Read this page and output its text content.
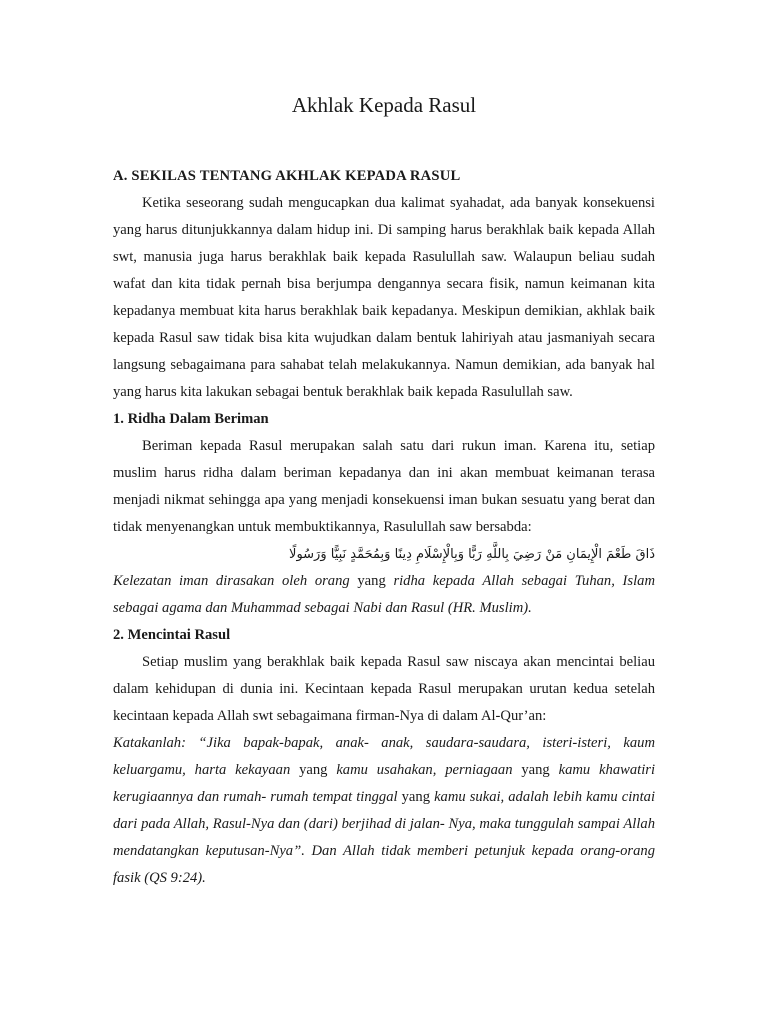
Akhlak Kepada Rasul
A. SEKILAS TENTANG AKHLAK KEPADA RASUL

Ketika seseorang sudah mengucapkan dua kalimat syahadat, ada banyak konsekuensi yang harus ditunjukkannya dalam hidup ini. Di samping harus berakhlak baik kepada Allah swt, manusia juga harus berakhlak baik kepada Rasulullah saw. Walaupun beliau sudah wafat dan kita tidak pernah bisa berjumpa dengannya secara fisik, namun keimanan kita kepadanya membuat kita harus berakhlak baik kepadanya. Meskipun demikian, akhlak baik kepada Rasul saw tidak bisa kita wujudkan dalam bentuk lahiriyah atau jasmaniyah secara langsung sebagaimana para sahabat telah melakukannya. Namun demikian, ada banyak hal yang harus kita lakukan sebagai bentuk berakhlak baik kepada Rasulullah saw.

1. Ridha Dalam Beriman

Beriman kepada Rasul merupakan salah satu dari rukun iman. Karena itu, setiap muslim harus ridha dalam beriman kepadanya dan ini akan membuat keimanan terasa menjadi nikmat sehingga apa yang menjadi konsekuensi iman bukan sesuatu yang berat dan tidak menyenangkan untuk membuktikannya, Rasulullah saw bersabda:

ذَاقَ طَعْمَ الْإِيمَانِ مَنْ رَضِيَ بِاللَّهِ رَبًّا وَبِالْإِسْلَامِ دِينًا وَبِمُحَمَّدٍ نَبِيًّا وَرَسُولًا

Kelezatan iman dirasakan oleh orang yang ridha kepada Allah sebagai Tuhan, Islam sebagai agama dan Muhammad sebagai Nabi dan Rasul (HR. Muslim).

2. Mencintai Rasul

Setiap muslim yang berakhlak baik kepada Rasul saw niscaya akan mencintai beliau dalam kehidupan di dunia ini. Kecintaan kepada Rasul merupakan urutan kedua setelah kecintaan kepada Allah swt sebagaimana firman-Nya di dalam Al-Qur’an:

Katakanlah: “Jika bapak-bapak, anak- anak, saudara-saudara, isteri-isteri, kaum keluargamu, harta kekayaan yang kamu usahakan, perniagaan yang kamu khawatiri kerugiaannya dan rumah- rumah tempat tinggal yang kamu sukai, adalah lebih kamu cintai dari pada Allah, Rasul-Nya dan (dari) berjihad di jalan- Nya, maka tunggulah sampai Allah mendatangkan keputusan-Nya”. Dan Allah tidak memberi petunjuk kepada orang-orang fasik (QS 9:24).
